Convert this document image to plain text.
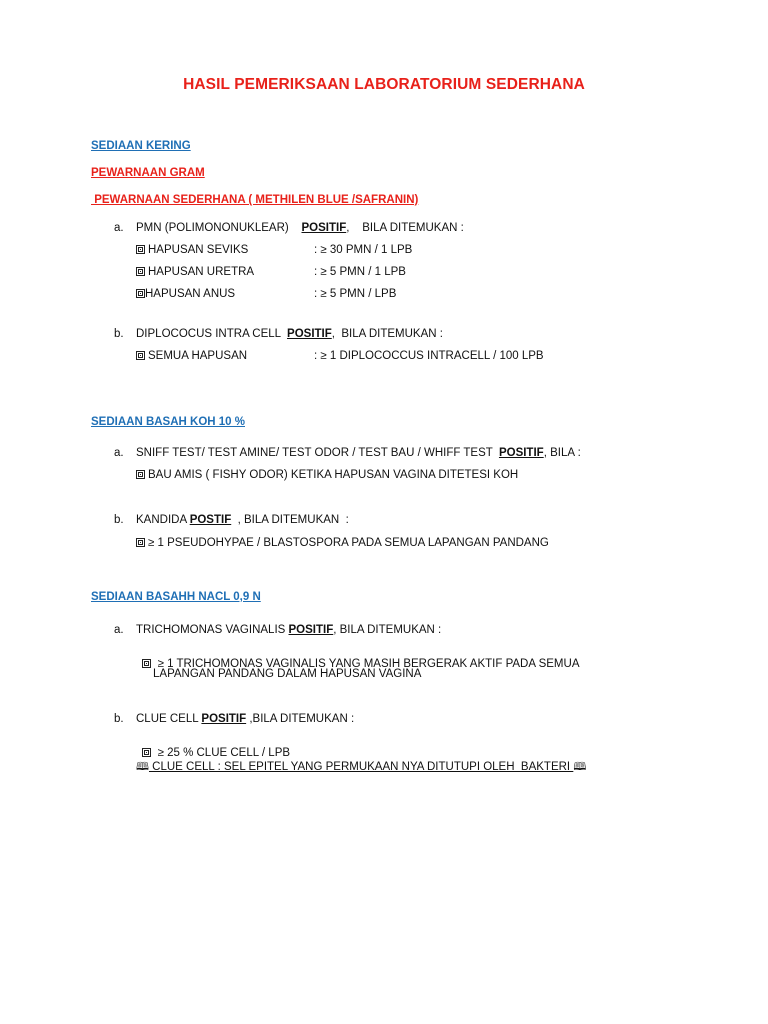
HASIL PEMERIKSAAN LABORATORIUM SEDERHANA
SEDIAAN KERING
PEWARNAAN GRAM
PEWARNAAN SEDERHANA ( METHILEN BLUE /SAFRANIN)
a. PMN (POLIMONONUKLEAR)    POSITIF,    BILA DITEMUKAN :
HAPUSAN SEVIKS	: ≥ 30 PMN / 1 LPB
HAPUSAN URETRA	: ≥ 5 PMN / 1 LPB
HAPUSAN ANUS	: ≥ 5 PMN / LPB
b. DIPLOCOCUS INTRA CELL  POSITIF,  BILA DITEMUKAN :
SEMUA HAPUSAN	: ≥ 1 DIPLOCOCCUS INTRACELL / 100 LPB
SEDIAAN BASAH KOH 10 %
a. SNIFF TEST/ TEST AMINE/ TEST ODOR / TEST BAU / WHIFF TEST  POSITIF, BILA :
BAU AMIS ( FISHY ODOR) KETIKA HAPUSAN VAGINA DITETESI KOH
b. KANDIDA POSTIF  , BILA DITEMUKAN  :
≥ 1 PSEUDOHYPAE / BLASTOSPORA PADA SEMUA LAPANGAN PANDANG
SEDIAAN BASAHH NACL 0,9 N
a. TRICHOMONAS VAGINALIS POSITIF, BILA DITEMUKAN :

≥ 1 TRICHOMONAS VAGINALIS YANG MASIH BERGERAK AKTIF PADA SEMUA

LAPANGAN PANDANG DALAM HAPUSAN VAGINA
b. CLUE CELL POSITIF ,BILA DITEMUKAN :

≥ 25 % CLUE CELL / LPB

🕮 CLUE CELL : SEL EPITEL YANG PERMUKAAN NYA DITUTUPI OLEH  BAKTERI 🕮
